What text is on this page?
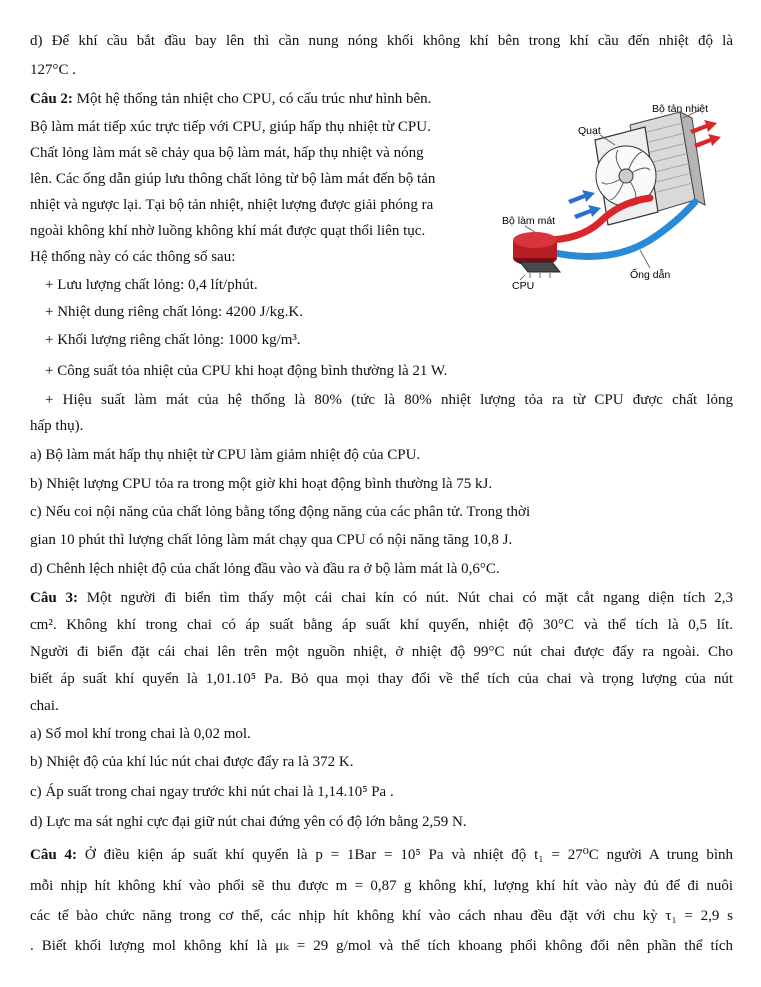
d) Để khí cầu bắt đầu bay lên thì cần nung nóng khối không khí bên trong khí cầu đến nhiệt độ là
127°C .
Câu 2: Một hệ thống tản nhiệt cho CPU, có cấu trúc như hình bên.
Bộ làm mát tiếp xúc trực tiếp với CPU, giúp hấp thụ nhiệt từ CPU.
Chất lỏng làm mát sẽ chảy qua bộ làm mát, hấp thụ nhiệt và nóng
lên. Các ống dẫn giúp lưu thông chất lỏng từ bộ làm mát đến bộ tản
nhiệt và ngược lại. Tại bộ tản nhiệt, nhiệt lượng được giải phóng ra
ngoài không khí nhờ luồng không khí mát được quạt thổi liên tục.
Hệ thống này có các thông số sau:
+ Lưu lượng chất lỏng: 0,4 lít/phút.
+ Nhiệt dung riêng chất lỏng: 4200 J/kg.K.
+ Khối lượng riêng chất lỏng: 1000 kg/m³.
+ Công suất tỏa nhiệt của CPU khi hoạt động bình thường là 21 W.
+ Hiệu suất làm mát của hệ thống là 80% (tức là 80% nhiệt lượng tỏa ra từ CPU được chất lỏng
hấp thụ).
a) Bộ làm mát hấp thụ nhiệt từ CPU làm giảm nhiệt độ của CPU.
b) Nhiệt lượng CPU tỏa ra trong một giờ khi hoạt động bình thường là 75 kJ.
c) Nếu coi nội năng của chất lỏng bằng tổng động năng của các phân tử. Trong thời
gian 10 phút thì lượng chất lỏng làm mát chạy qua CPU có nội năng tăng 10,8 J.
d) Chênh lệch nhiệt độ của chất lỏng đầu vào và đầu ra ở bộ làm mát là 0,6°C.
Bộ tản nhiệt
Quạt
Bộ làm mát
Ống dẫn
CPU
Câu 3: Một người đi biển tìm thấy một cái chai kín có nút. Nút chai có mặt cắt ngang diện tích 2,3
cm². Không khí trong chai có áp suất bằng áp suất khí quyển, nhiệt độ 30°C và thể tích là 0,5 lít.
Người đi biển đặt cái chai lên trên một nguồn nhiệt, ở nhiệt độ 99°C nút chai được đẩy ra ngoài. Cho
biết áp suất khí quyển là 1,01.10⁵ Pa. Bỏ qua mọi thay đổi về thể tích của chai và trọng lượng của nút
chai.
a) Số mol khí trong chai là 0,02 mol.
b) Nhiệt độ của khí lúc nút chai được đẩy ra là 372 K.
c) Áp suất trong chai ngay trước khi nút chai là 1,14.10⁵ Pa .
d) Lực ma sát nghỉ cực đại giữ nút chai đứng yên có độ lớn bằng 2,59 N.
Câu 4: Ở điều kiện áp suất khí quyển là p = 1Bar = 10⁵ Pa và nhiệt độ t₁ = 27⁰C người A trung bình
mỗi nhịp hít không khí vào phổi sẽ thu được m = 0,87 g không khí, lượng khí hít vào này đủ để đi nuôi
các tế bào chức năng trong cơ thể, các nhịp hít không khí vào cách nhau đều đặt với chu kỳ τ₁ = 2,9 s
. Biết khối lượng mol không khí là μₖ = 29 g/mol và thể tích khoang phổi không đổi nên phần thể tích
